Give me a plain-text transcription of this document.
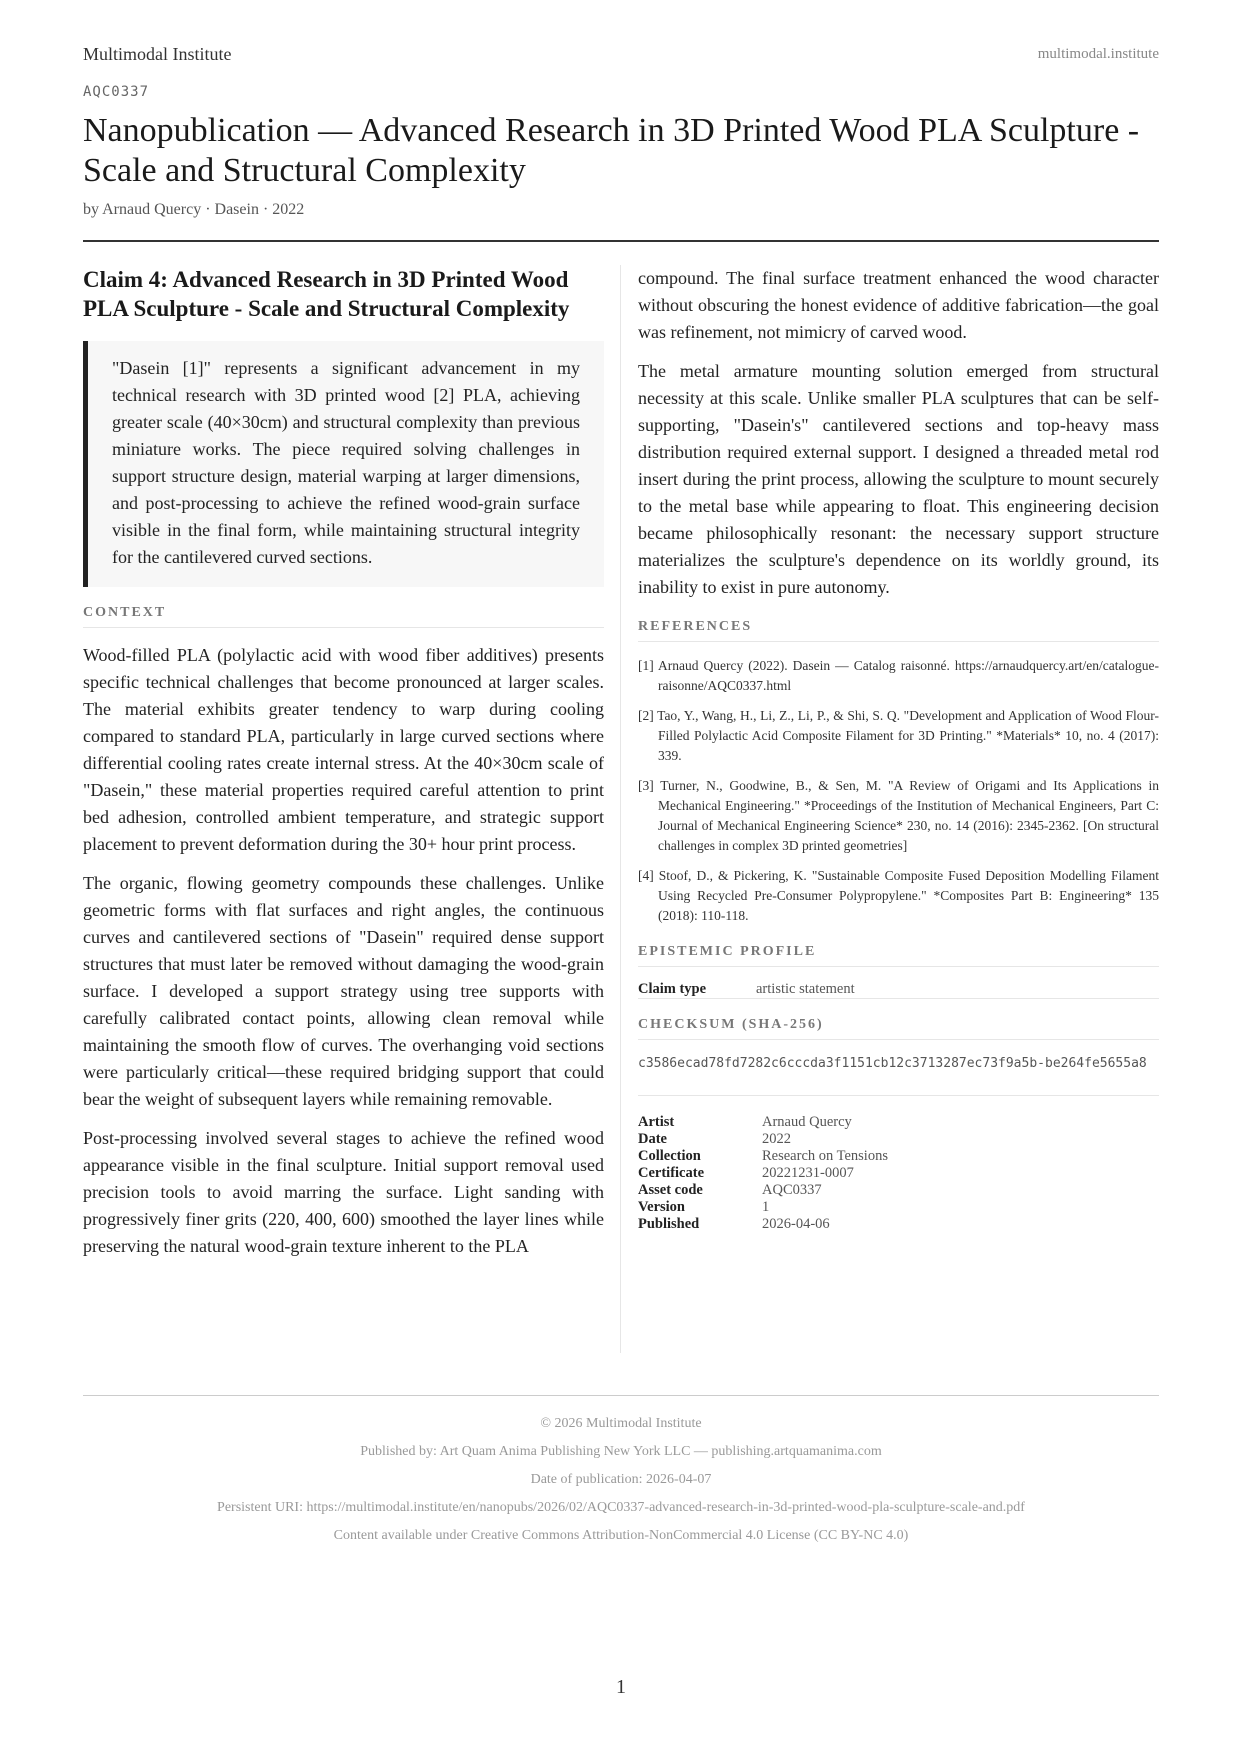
Multimodal Institute	multimodal.institute
AQC0337
Nanopublication — Advanced Research in 3D Printed Wood PLA Sculpture - Scale and Structural Complexity
by Arnaud Quercy · Dasein · 2022
Claim 4: Advanced Research in 3D Printed Wood PLA Sculpture - Scale and Structural Complexity
"Dasein [1]" represents a significant advancement in my technical research with 3D printed wood [2] PLA, achieving greater scale (40×30cm) and structural complexity than previous miniature works. The piece required solving challenges in support structure design, material warping at larger dimensions, and post-processing to achieve the refined wood-grain surface visible in the final form, while maintaining structural integrity for the cantilevered curved sections.
CONTEXT

Wood-filled PLA (polylactic acid with wood fiber additives) presents specific technical challenges that become pronounced at larger scales. The material exhibits greater tendency to warp during cooling compared to standard PLA, particularly in large curved sections where differential cooling rates create internal stress. At the 40×30cm scale of "Dasein," these material properties required careful attention to print bed adhesion, controlled ambient temperature, and strategic support placement to prevent deformation during the 30+ hour print process.

The organic, flowing geometry compounds these challenges. Unlike geometric forms with flat surfaces and right angles, the continuous curves and cantilevered sections of "Dasein" required dense support structures that must later be removed without damaging the wood-grain surface. I developed a support strategy using tree supports with carefully calibrated contact points, allowing clean removal while maintaining the smooth flow of curves. The overhanging void sections were particularly critical—these required bridging support that could bear the weight of subsequent layers while remaining removable.

Post-processing involved several stages to achieve the refined wood appearance visible in the final sculpture. Initial support removal used precision tools to avoid marring the surface. Light sanding with progressively finer grits (220, 400, 600) smoothed the layer lines while preserving the natural wood-grain texture inherent to the PLA

compound. The final surface treatment enhanced the wood character without obscuring the honest evidence of additive fabrication—the goal was refinement, not mimicry of carved wood.

The metal armature mounting solution emerged from structural necessity at this scale. Unlike smaller PLA sculptures that can be self-supporting, "Dasein's" cantilevered sections and top-heavy mass distribution required external support. I designed a threaded metal rod insert during the print process, allowing the sculpture to mount securely to the metal base while appearing to float. This engineering decision became philosophically resonant: the necessary support structure materializes the sculpture's dependence on its worldly ground, its inability to exist in pure autonomy.

REFERENCES
[1] Arnaud Quercy (2022). Dasein — Catalog raisonné. https://arnaudquercy.art/en/catalogue-raisonne/AQC0337.html
[2] Tao, Y., Wang, H., Li, Z., Li, P., & Shi, S. Q. "Development and Application of Wood Flour-Filled Polylactic Acid Composite Filament for 3D Printing." *Materials* 10, no. 4 (2017): 339.
[3] Turner, N., Goodwine, B., & Sen, M. "A Review of Origami and Its Applications in Mechanical Engineering." *Proceedings of the Institution of Mechanical Engineers, Part C: Journal of Mechanical Engineering Science* 230, no. 14 (2016): 2345-2362. [On structural challenges in complex 3D printed geometries]
[4] Stoof, D., & Pickering, K. "Sustainable Composite Fused Deposition Modelling Filament Using Recycled Pre-Consumer Polypropylene." *Composites Part B: Engineering* 135 (2018): 110-118.
EPISTEMIC PROFILE
Claim type	artistic statement
CHECKSUM (SHA-256)
c3586ecad78fd7282c6cccda3f1151cb12c3713287ec73f9a5b-be264fe5655a8
Artist	Arnaud Quercy
Date	2022
Collection	Research on Tensions
Certificate	20221231-0007
Asset code	AQC0337
Version	1
Published	2026-04-06
© 2026 Multimodal Institute
Published by: Art Quam Anima Publishing New York LLC — publishing.artquamanima.com
Date of publication: 2026-04-07
Persistent URI: https://multimodal.institute/en/nanopubs/2026/02/AQC0337-advanced-research-in-3d-printed-wood-pla-sculpture-scale-and.pdf
Content available under Creative Commons Attribution-NonCommercial 4.0 License (CC BY-NC 4.0)
1
